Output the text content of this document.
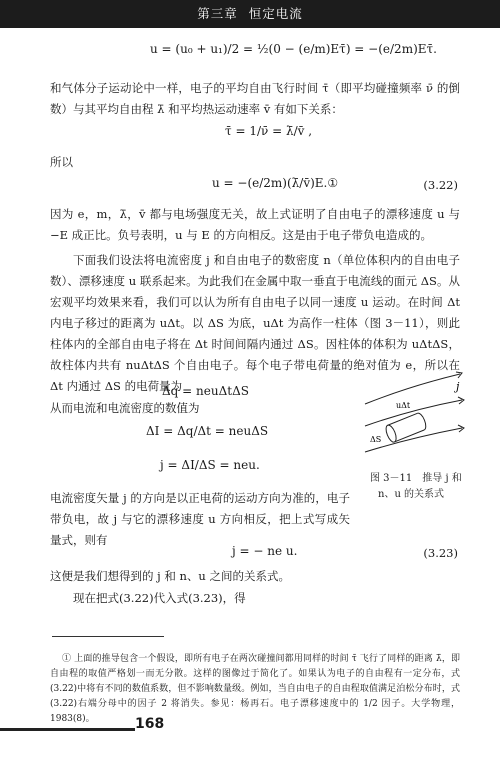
第三章 恒定电流
u = (u₀ + u₁)/2 = ½(0 − (e/m)Eτ̄) = −(e/2m)Eτ̄.
和气体分子运动论中一样，电子的平均自由飞行时间 τ̄（即平均碰撞频率 ν̄ 的倒数）与其平均自由程 λ̄ 和平均热运动速率 v̄ 有如下关系：
τ̄ = 1/ν̄ = λ̄/v̄ ,
所以
u = −(e/2m)(λ̄/v̄)E.①	(3.22)
因为 e，m，λ̄，v̄ 都与电场强度无关，故上式证明了自由电子的漂移速度 u 与 −E 成正比。负号表明，u 与 E 的方向相反。这是由于电子带负电造成的。
下面我们设法将电流密度 j 和自由电子的数密度 n（单位体积内的自由电子数）、漂移速度 u 联系起来。为此我们在金属中取一垂直于电流线的面元 ΔS。从宏观平均效果来看，我们可以认为所有自由电子以同一速度 u 运动。在时间 Δt 内电子移过的距离为 uΔt。以 ΔS 为底，uΔt 为高作一柱体（图 3－11），则此柱体内的全部自由电子将在 Δt 时间间隔内通过 ΔS。因柱体的体积为 uΔtΔS，故柱体内共有 nuΔtΔS 个自由电子。每个电子带电荷量的绝对值为 e，所以在 Δt 内通过 ΔS 的电荷量为
Δq = neuΔtΔS
从而电流和电流密度的数值为
ΔI = Δq/Δt = neuΔS
j = ΔI/ΔS = neu.
j
uΔt
ΔS
图 3－11　推导 j 和
n、u 的关系式
电流密度矢量 j 的方向是以正电荷的运动方向为准的，电子带负电，故 j 与它的漂移速度 u 方向相反，把上式写成矢量式，则有
j = − ne u.	(3.23)
这便是我们想得到的 j 和 n、u 之间的关系式。
现在把式(3.22)代入式(3.23)，得
① 上面的推导包含一个假设，即所有电子在两次碰撞间都用同样的时间 τ̄ 飞行了同样的距离 λ̄，即自由程的取值严格划一而无分散。这样的图像过于简化了。如果认为电子的自由程有一定分布，式(3.22)中将有不同的数值系数，但不影响数量级。例如，当自由电子的自由程取值满足泊松分布时，式(3.22)右端分母中的因子 2 将消失。参见：杨再石。电子漂移速度中的 1/2 因子。大学物理，1983(8)。	168
